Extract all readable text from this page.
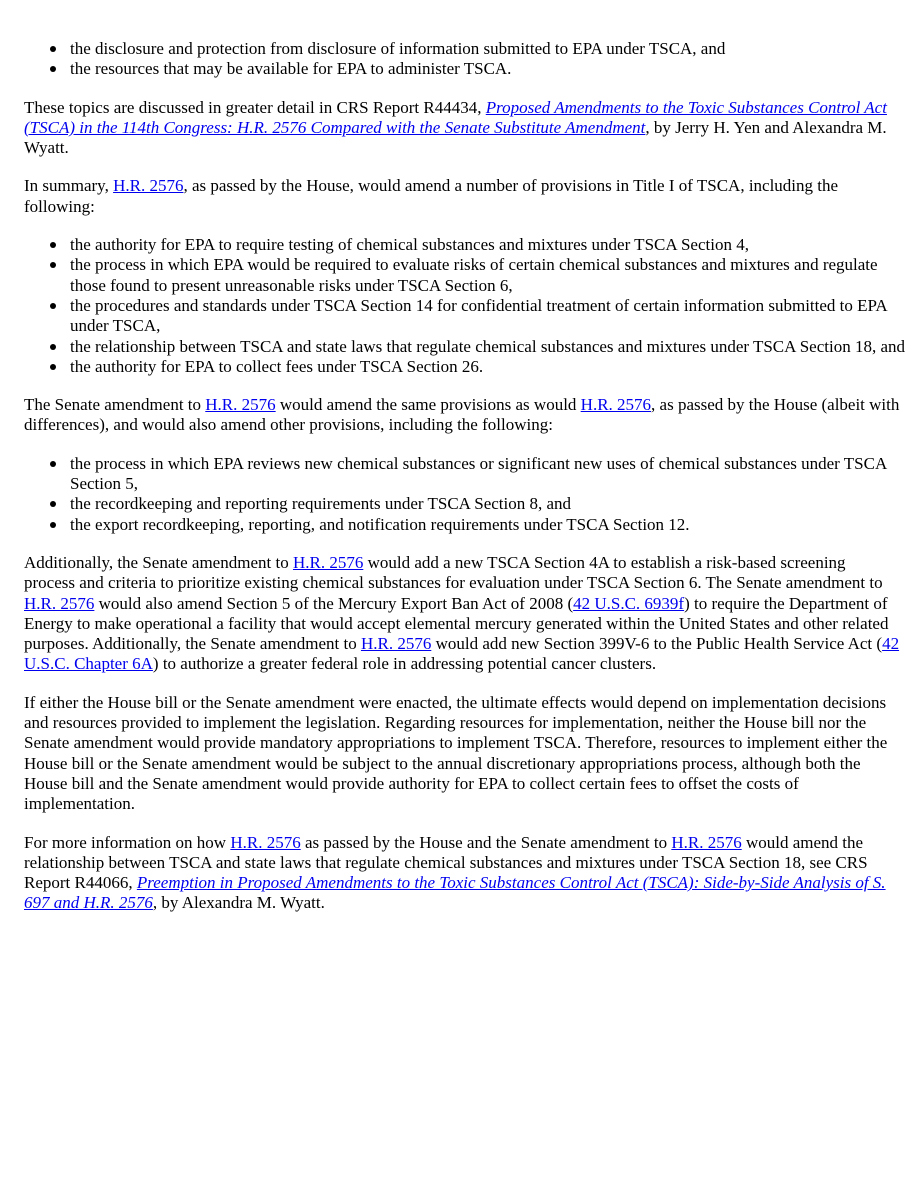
the disclosure and protection from disclosure of information submitted to EPA under TSCA, and
the resources that may be available for EPA to administer TSCA.

These topics are discussed in greater detail in CRS Report R44434, Proposed Amendments to the Toxic Substances Control Act (TSCA) in the 114th Congress: H.R. 2576 Compared with the Senate Substitute Amendment, by Jerry H. Yen and Alexandra M. Wyatt.

In summary, H.R. 2576, as passed by the House, would amend a number of provisions in Title I of TSCA, including the following:

the authority for EPA to require testing of chemical substances and mixtures under TSCA Section 4,
the process in which EPA would be required to evaluate risks of certain chemical substances and mixtures and regulate those found to present unreasonable risks under TSCA Section 6,
the procedures and standards under TSCA Section 14 for confidential treatment of certain information submitted to EPA under TSCA,
the relationship between TSCA and state laws that regulate chemical substances and mixtures under TSCA Section 18, and
the authority for EPA to collect fees under TSCA Section 26.

The Senate amendment to H.R. 2576 would amend the same provisions as would H.R. 2576, as passed by the House (albeit with differences), and would also amend other provisions, including the following:

the process in which EPA reviews new chemical substances or significant new uses of chemical substances under TSCA Section 5,
the recordkeeping and reporting requirements under TSCA Section 8, and
the export recordkeeping, reporting, and notification requirements under TSCA Section 12.

Additionally, the Senate amendment to H.R. 2576 would add a new TSCA Section 4A to establish a risk-based screening process and criteria to prioritize existing chemical substances for evaluation under TSCA Section 6. The Senate amendment to H.R. 2576 would also amend Section 5 of the Mercury Export Ban Act of 2008 (42 U.S.C. 6939f) to require the Department of Energy to make operational a facility that would accept elemental mercury generated within the United States and other related purposes. Additionally, the Senate amendment to H.R. 2576 would add new Section 399V-6 to the Public Health Service Act (42 U.S.C. Chapter 6A) to authorize a greater federal role in addressing potential cancer clusters.

If either the House bill or the Senate amendment were enacted, the ultimate effects would depend on implementation decisions and resources provided to implement the legislation. Regarding resources for implementation, neither the House bill nor the Senate amendment would provide mandatory appropriations to implement TSCA. Therefore, resources to implement either the House bill or the Senate amendment would be subject to the annual discretionary appropriations process, although both the House bill and the Senate amendment would provide authority for EPA to collect certain fees to offset the costs of implementation.

For more information on how H.R. 2576 as passed by the House and the Senate amendment to H.R. 2576 would amend the relationship between TSCA and state laws that regulate chemical substances and mixtures under TSCA Section 18, see CRS Report R44066, Preemption in Proposed Amendments to the Toxic Substances Control Act (TSCA): Side-by-Side Analysis of S. 697 and H.R. 2576, by Alexandra M. Wyatt.
